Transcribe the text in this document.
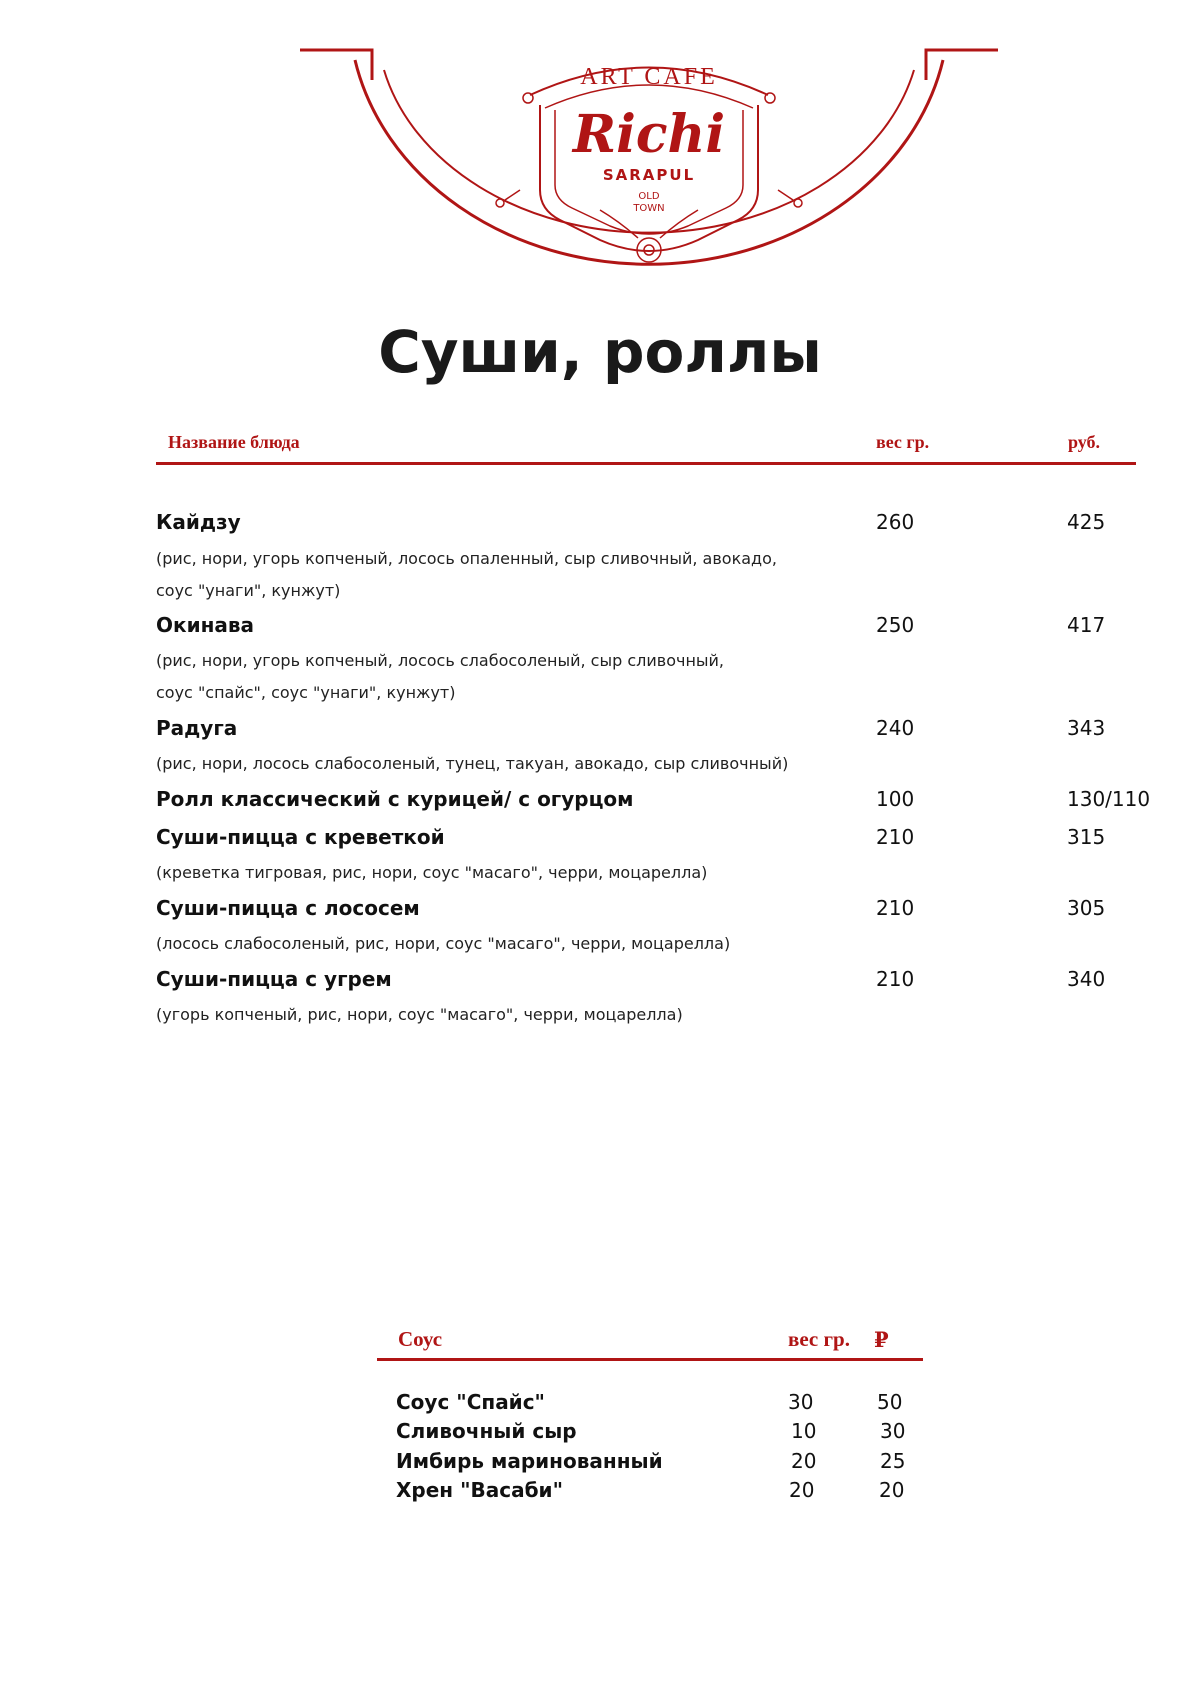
ART CAFE
Richi
SARAPUL
OLD
TOWN
Суши, роллы
Название блюда	вес гр.	руб.
Кайдзу	260	425
(рис, нори, угорь копченый, лосось опаленный, сыр сливочный, авокадо,
соус "унаги", кунжут)
Окинава	250	417
(рис, нори, угорь копченый, лосось слабосоленый, сыр сливочный,
соус "спайс", соус "унаги", кунжут)
Радуга	240	343
(рис, нори, лосось слабосоленый, тунец, такуан, авокадо, сыр сливочный)
Ролл классический с курицей/ с огурцом	100	130/110
Суши-пицца с креветкой	210	315
(креветка тигровая, рис, нори, соус "масаго", черри, моцарелла)
Суши-пицца с лососем	210	305
(лосось слабосоленый, рис, нори, соус "масаго", черри, моцарелла)
Суши-пицца с угрем	210	340
(угорь копченый, рис, нори, соус "масаго", черри, моцарелла)
Соус	вес гр. ₽
Соус "Спайс"	30	50
Сливочный сыр	10	30
Имбирь маринованный	20	25
Хрен "Васаби"	20	20
